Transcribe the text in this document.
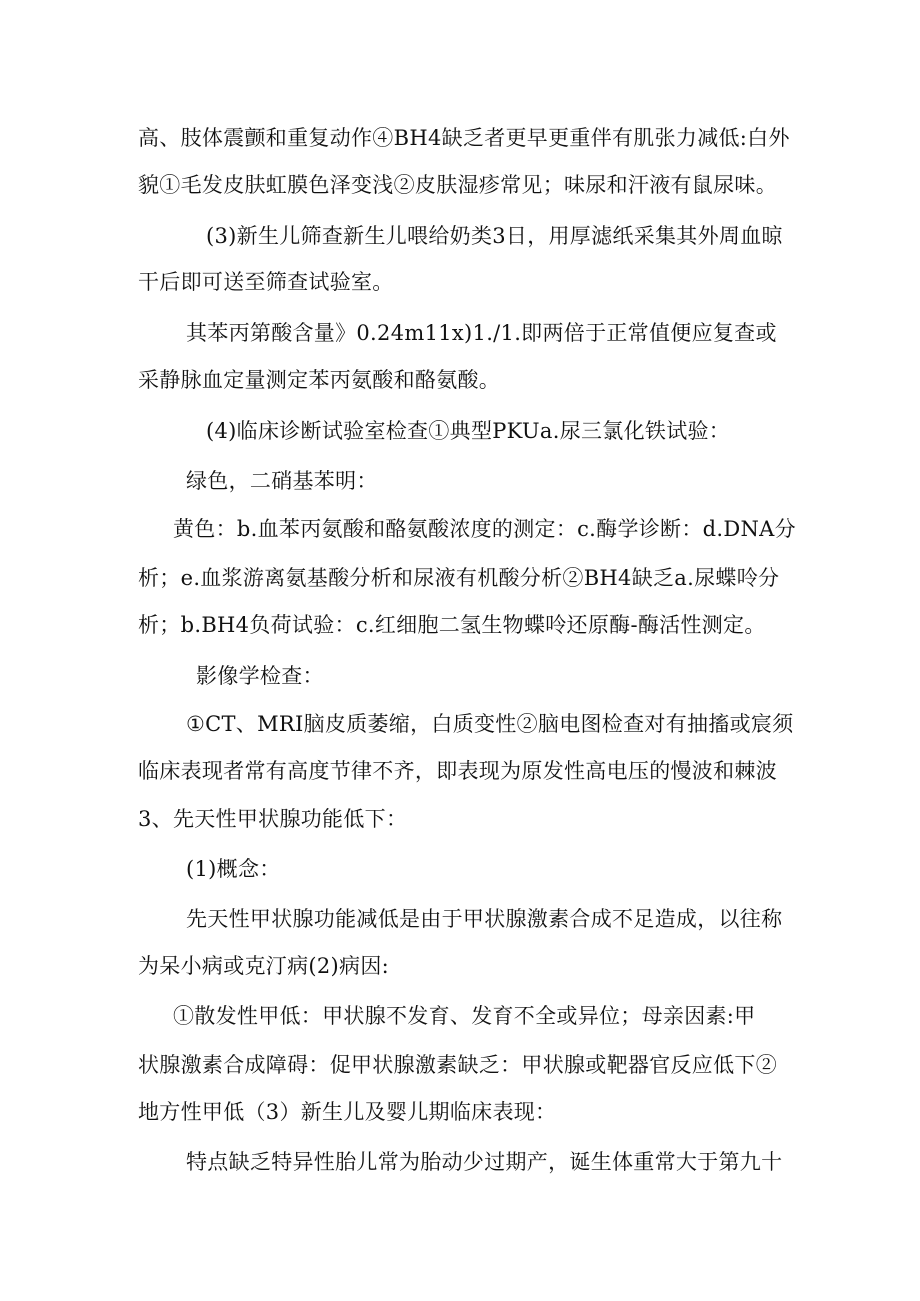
高、肢体震颤和重复动作④BH4缺乏者更早更重伴有肌张力减低:白外
貌①毛发皮肤虹膜色泽变浅②皮肤湿疹常见；味尿和汗液有鼠尿味。
(3)新生儿筛查新生儿喂给奶类3日，用厚滤纸采集其外周血晾
干后即可送至筛查试验室。
其苯丙第酸含量》0.24m11x)1./1.即两倍于正常值便应复查或
采静脉血定量测定苯丙氨酸和酪氨酸。
(4)临床诊断试验室检查①典型PKUa.尿三氯化铁试验：
绿色，二硝基苯明：
黄色：b.血苯丙氨酸和酪氨酸浓度的测定：c.酶学诊断：d.DNA分
析；e.血浆游离氨基酸分析和尿液有机酸分析②BH4缺乏a.尿蝶呤分
析；b.BH4负荷试验：c.红细胞二氢生物蝶呤还原酶-酶活性测定。
影像学检查：
①CT、MRI脑皮质萎缩，白质变性②脑电图检查对有抽搐或宸须
临床表现者常有高度节律不齐，即表现为原发性高电压的慢波和棘波
3、先天性甲状腺功能低下：
(1)概念：
先天性甲状腺功能减低是由于甲状腺激素合成不足造成，以往称
为呆小病或克汀病(2)病因:
①散发性甲低：甲状腺不发育、发育不全或异位；母亲因素:甲
状腺激素合成障碍：促甲状腺激素缺乏：甲状腺或靶器官反应低下②
地方性甲低（3）新生儿及婴儿期临床表现：
特点缺乏特异性胎儿常为胎动少过期产，诞生体重常大于第九十
